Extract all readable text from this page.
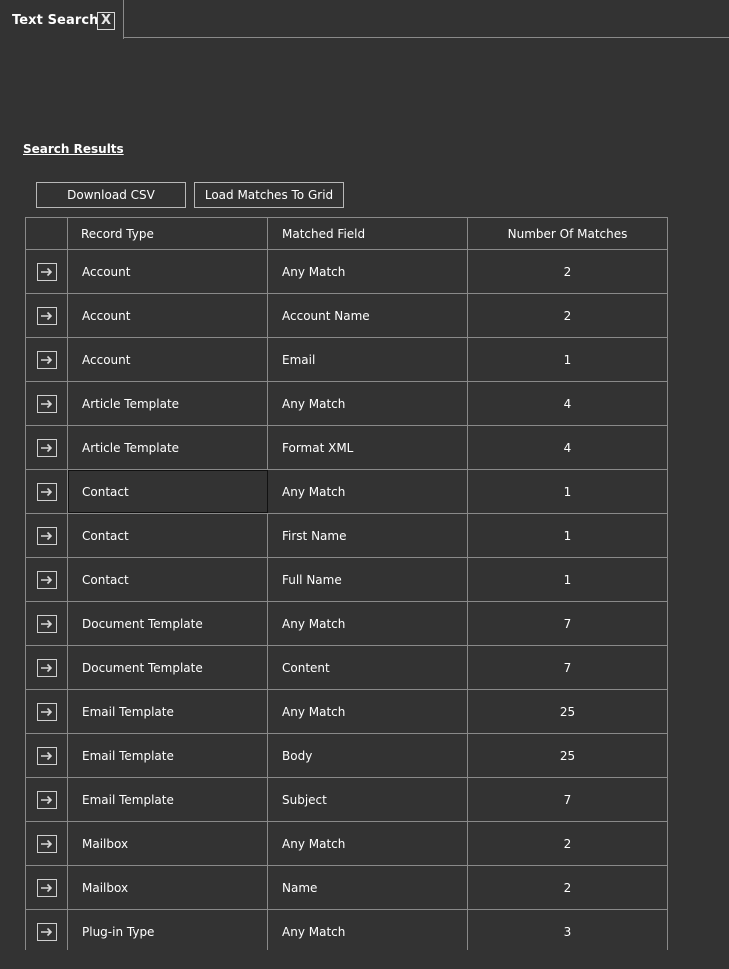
Text Search X
Search Results
Download CSV	Load Matches To Grid
Record Type	Matched Field	Number Of Matches
Account	Any Match	2
Account	Account Name	2
Account	Email	1
Article Template	Any Match	4
Article Template	Format XML	4
Contact	Any Match	1
Contact	First Name	1
Contact	Full Name	1
Document Template	Any Match	7
Document Template	Content	7
Email Template	Any Match	25
Email Template	Body	25
Email Template	Subject	7
Mailbox	Any Match	2
Mailbox	Name	2
Plug-in Type	Any Match	3
